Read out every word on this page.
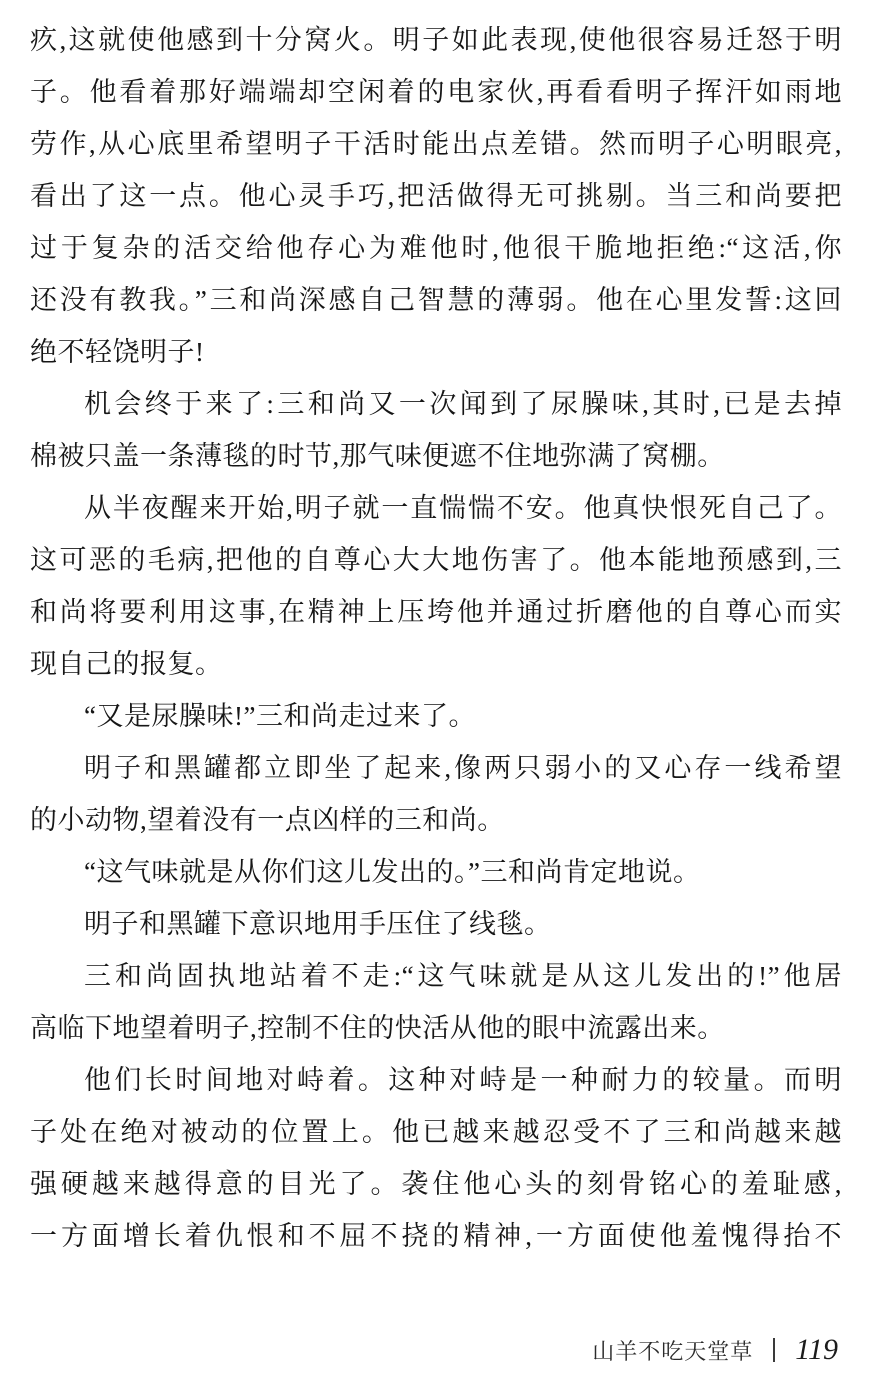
疚,这就使他感到十分窝火。明子如此表现,使他很容易迁怒于明
子。他看着那好端端却空闲着的电家伙,再看看明子挥汗如雨地
劳作,从心底里希望明子干活时能出点差错。然而明子心明眼亮,
看出了这一点。他心灵手巧,把活做得无可挑剔。当三和尚要把
过于复杂的活交给他存心为难他时,他很干脆地拒绝:“这活,你
还没有教我。”三和尚深感自己智慧的薄弱。他在心里发誓:这回
绝不轻饶明子!
机会终于来了:三和尚又一次闻到了尿臊味,其时,已是去掉
棉被只盖一条薄毯的时节,那气味便遮不住地弥满了窝棚。
从半夜醒来开始,明子就一直惴惴不安。他真快恨死自己了。
这可恶的毛病,把他的自尊心大大地伤害了。他本能地预感到,三
和尚将要利用这事,在精神上压垮他并通过折磨他的自尊心而实
现自己的报复。
“又是尿臊味!”三和尚走过来了。
明子和黑罐都立即坐了起来,像两只弱小的又心存一线希望
的小动物,望着没有一点凶样的三和尚。
“这气味就是从你们这儿发出的。”三和尚肯定地说。
明子和黑罐下意识地用手压住了线毯。
三和尚固执地站着不走:“这气味就是从这儿发出的!”他居
高临下地望着明子,控制不住的快活从他的眼中流露出来。
他们长时间地对峙着。这种对峙是一种耐力的较量。而明
子处在绝对被动的位置上。他已越来越忍受不了三和尚越来越
强硬越来越得意的目光了。袭住他心头的刻骨铭心的羞耻感,
一方面增长着仇恨和不屈不挠的精神,一方面使他羞愧得抬不
山羊不吃天堂草 119
